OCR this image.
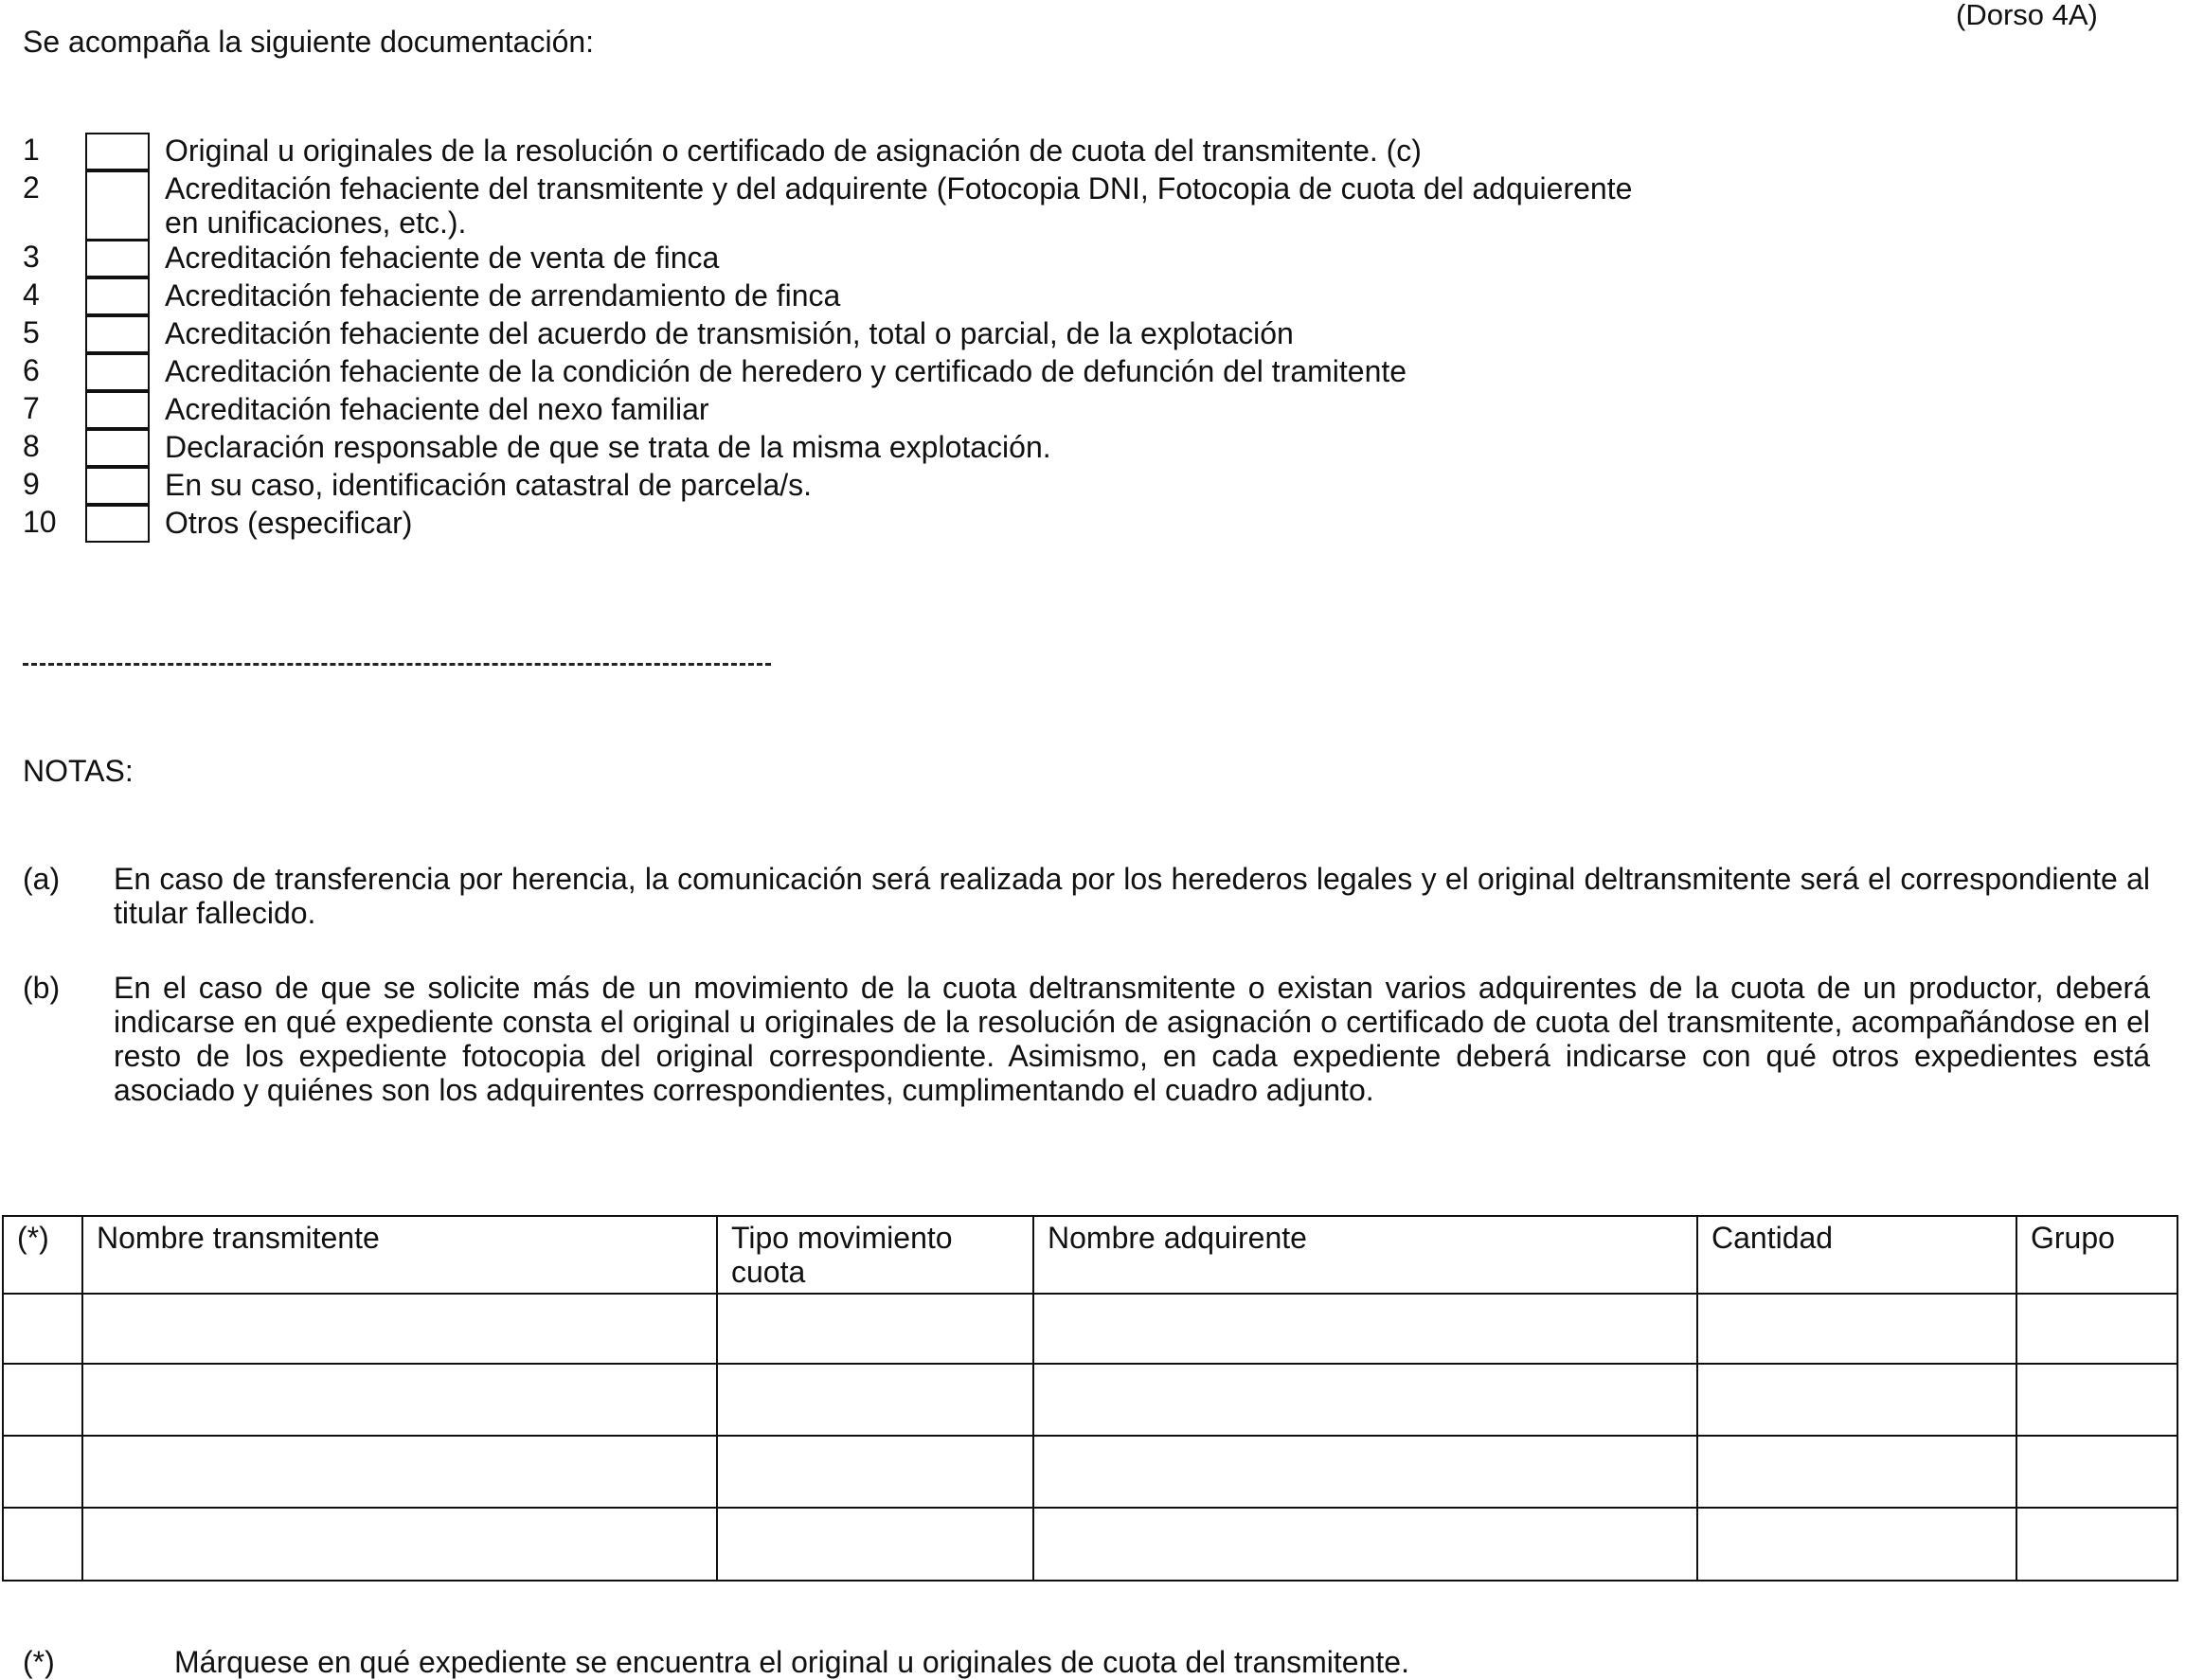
(Dorso 4A)
Se acompaña la siguiente documentación:
1	Original u originales de la resolución o certificado de asignación de cuota del transmitente. (c)
2	Acreditación fehaciente del transmitente y del adquirente (Fotocopia DNI, Fotocopia de cuota del adquierente
en unificaciones, etc.).
3	Acreditación fehaciente de venta de finca
4	Acreditación fehaciente de arrendamiento de finca
5	Acreditación fehaciente del acuerdo de transmisión, total o parcial, de la explotación
6	Acreditación fehaciente de la condición de heredero y certificado de defunción del tramitente
7	Acreditación fehaciente del nexo familiar
8	Declaración responsable de que se trata de la misma explotación.
9	En su caso, identificación catastral de parcela/s.
10	Otros (especificar)
NOTAS:
(a) En caso de transferencia por herencia, la comunicación será realizada por los herederos legales y el original deltransmitente será el correspondiente al titular fallecido.
(b) En el caso de que se solicite más de un movimiento de la cuota deltransmitente o existan varios adquirentes de la cuota de un productor, deberá indicarse en qué expediente consta el original u originales de la resolución de asignación o certificado de cuota del transmitente, acompañándose en el resto de los expediente fotocopia del original correspondiente. Asimismo, en cada expediente deberá indicarse con qué otros expedientes está asociado y quiénes son los adquirentes correspondientes, cumplimentando el cuadro adjunto.
(*)	Nombre transmitente	Tipo movimiento cuota	Nombre adquirente	Cantidad	Grupo

(*)	Márquese en qué expediente se encuentra el original u originales de cuota del transmitente.
